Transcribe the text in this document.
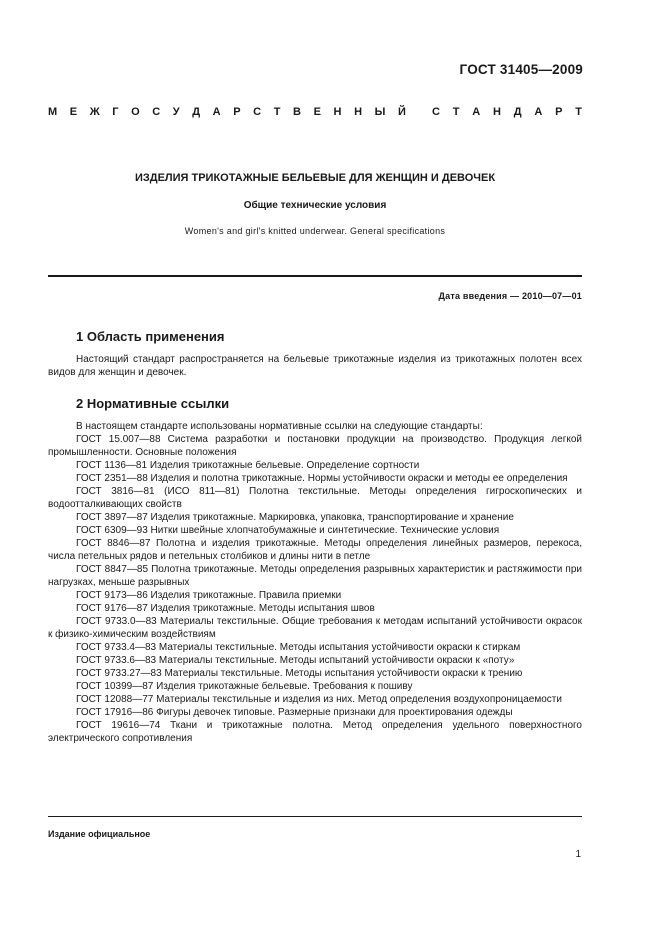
ГОСТ 31405—2009
М Е Ж Г О С У Д А Р С Т В Е Н Н Ы Й С Т А Н Д А Р Т
ИЗДЕЛИЯ ТРИКОТАЖНЫЕ БЕЛЬЕВЫЕ ДЛЯ ЖЕНЩИН И ДЕВОЧЕК
Общие технические условия
Women's and girl's knitted underwear. General specifications
Дата введения — 2010—07—01
1 Область применения

Настоящий стандарт распространяется на бельевые трикотажные изделия из трикотажных полотен всех видов для женщин и девочек.

2 Нормативные ссылки

В настоящем стандарте использованы нормативные ссылки на следующие стандарты:

ГОСТ 15.007—88 Система разработки и постановки продукции на производство. Продукция легкой промышленности. Основные положения

ГОСТ 1136—81 Изделия трикотажные бельевые. Определение сортности

ГОСТ 2351—88 Изделия и полотна трикотажные. Нормы устойчивости окраски и методы ее определения

ГОСТ 3816—81 (ИСО 811—81) Полотна текстильные. Методы определения гигроскопических и водоотталкивающих свойств

ГОСТ 3897—87 Изделия трикотажные. Маркировка, упаковка, транспортирование и хранение

ГОСТ 6309—93 Нитки швейные хлопчатобумажные и синтетические. Технические условия

ГОСТ 8846—87 Полотна и изделия трикотажные. Методы определения линейных размеров, перекоса, числа петельных рядов и петельных столбиков и длины нити в петле

ГОСТ 8847—85 Полотна трикотажные. Методы определения разрывных характеристик и растяжимости при нагрузках, меньше разрывных

ГОСТ 9173—86 Изделия трикотажные. Правила приемки

ГОСТ 9176—87 Изделия трикотажные. Методы испытания швов

ГОСТ 9733.0—83 Материалы текстильные. Общие требования к методам испытаний устойчивости окрасок к физико-химическим воздействиям

ГОСТ 9733.4—83 Материалы текстильные. Методы испытания устойчивости окраски к стиркам

ГОСТ 9733.6—83 Материалы текстильные. Методы испытаний устойчивости окраски к «поту»

ГОСТ 9733.27—83 Материалы текстильные. Методы испытания устойчивости окраски к трению

ГОСТ 10399—87 Изделия трикотажные бельевые. Требования к пошиву

ГОСТ 12088—77 Материалы текстильные и изделия из них. Метод определения воздухопроницаемости

ГОСТ 17916—86 Фигуры девочек типовые. Размерные признаки для проектирования одежды

ГОСТ 19616—74 Ткани и трикотажные полотна. Метод определения удельного поверхностного электрического сопротивления

Издание официальное
1
